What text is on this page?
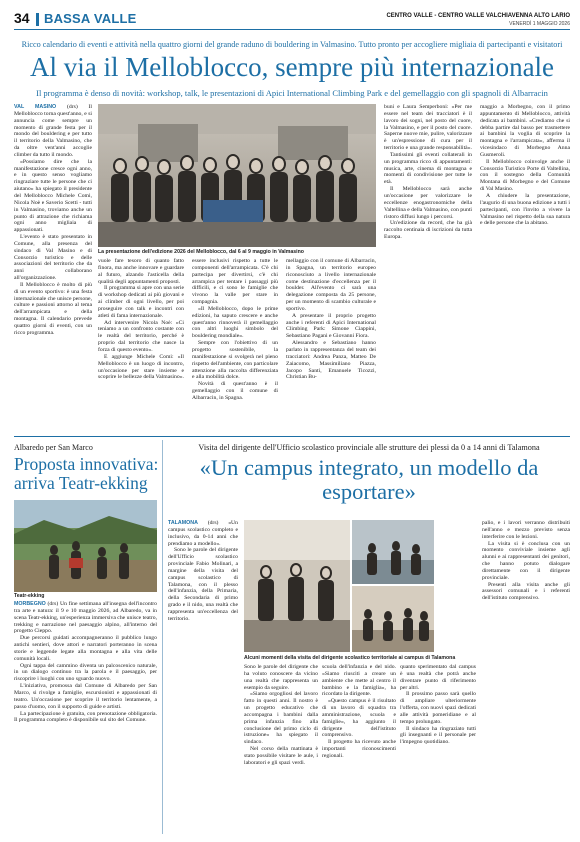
34 BASSA VALLE	CENTRO VALLE - CENTRO VALLE VALCHIAVENNA ALTO LARIO
VENERDÌ 1 MAGGIO 2026
Ricco calendario di eventi e attività nella quattro giorni del grande raduno di bouldering in Valmasino. Tutto pronto per accogliere migliaia di partecipanti e visitatori
Al via il Melloblocco, sempre più internazionale
Il programma è denso di novità: workshop, talk, le presentazioni di Apici International Climbing Park e del gemellaggio con gli spagnoli di Albarracin

VAL MASINO (drs) Il Melloblocco torna quest'anno, e si annuncia come sempre un momento di grande festa per il mondo del bouldering e per tutto il territorio della Valmasino, che da oltre vent'anni accoglie climber da tutto il mondo.

«Possiamo dire che la manifestazione cresce ogni anno, e in questo senso vogliamo ringraziare tutte le persone che ci aiutano» ha spiegato il presidente del Melloblocco Michele Comi, Nicola Noè e Saverio Scetti - tutti in Valmasino, troviamo anche un punto di attrazione che richiama ogni anno migliaia di appassionati.

L'evento è stato presentato in Comune, alla presenza del sindaco di Val Masino e di Consorzio turistico e delle associazioni del territorio che da anni collaborano all'organizzazione.

Il Melloblocco è molto di più di un evento sportivo: è una festa internazionale che unisce persone, culture e passioni attorno al tema dell'arrampicata e della montagna. Il calendario prevede quattro giorni di eventi, con un ricco programma.

La presentazione dell'edizione 2026 del Melloblocco, dal 6 al 9 maggio in Valmasino

vuole fare tesoro di quanto fatto finora, ma anche innovare e guardare al futuro, alzando l'asticella della qualità degli appuntamenti proposti.

Il programma si apre con una serie di workshop dedicati ai più giovani e ai climber di ogni livello, per poi proseguire con talk e incontri con atleti di fama internazionale.

Ad intervenire Nicola Noè: «Ci teniamo a un confronto costante con le realtà del territorio, perché è proprio dal territorio che nasce la forza di questo evento».

E aggiunge Michele Comi: «Il Melloblocco è un luogo di incontro, un'occasione per stare insieme e scoprire le bellezze della Valmasino».

essere inclusivi rispetto a tutte le componenti dell'arrampicata. C'è chi partecipa per divertirsi, c'è chi arrampica per tentare i passaggi più difficili, e ci sono le famiglie che vivono la valle per stare in compagnia.

«Il Melloblocco, dopo le prime edizioni, ha saputo crescere e anche quest'anno rinnoverà il gemellaggio con altri luoghi simbolo del bouldering mondiale».

Sempre con l'obiettivo di un progetto sostenibile, la manifestazione si svolgerà nel pieno rispetto dell'ambiente, con particolare attenzione alla raccolta differenziata e alla mobilità dolce.

Novità di quest'anno è il gemellaggio con il comune di Albarracin, in Spagna.

mellaggio con il comune di Albarracin, in Spagna, un territorio europeo riconosciuto a livello internazionale come destinazione d'eccellenza per il boulder. All'evento ci sarà una delegazione composta da 25 persone, per un momento di scambio culturale e sportivo.

A presentare il proprio progetto anche i referenti di Apici International Climbing Park: Simone Ciappini, Sebastiano Pagani e Giovanni Fiora.

Alessandro e Sebastiano hanno parlato in rappresentanza del team dei tracciatori: Andrea Panza, Matteo De Zaiacomo, Massimiliano Piazza, Jacopo Santi, Emanuele Ticozzi, Christian Bu-

buni e Laura Semperboni: «Per me essere nel team dei tracciatori è il lavoro dei sogni, nel posto del cuore, la Valmasino, e per il posto del cuore. Saperne nuove mie, pulire, valorizzare è un'espressione di cura per il territorio e una grande responsabilità».

Tantissimi gli eventi collaterali in un programma ricco di appuntamenti: musica, arte, cinema di montagna e momenti di condivisione per tutte le età.

Il Melloblocco sarà anche un'occasione per valorizzare le eccellenze enogastronomiche della Valtellina e della Valmasino, con punti ristoro diffusi lungo i percorsi.

Un'edizione da record, che ha già raccolto centinaia di iscrizioni da tutta Europa.

maggio a Morbegno, con il primo appuntamento di Melloblocco, attività dedicata ai bambini. «Crediamo che si debba partire dal basso per trasmettere ai bambini la voglia di scoprire la montagna e l'arrampicata», afferma il vicesindaco di Morbegno Anna Gusmeroli.

Il Melloblocco coinvolge anche il Consorzio Turistico Porte di Valtellina, con il sostegno della Comunità Montana di Morbegno e del Comune di Val Masino.

A chiudere la presentazione, l'augurio di una buona edizione a tutti i partecipanti, con l'invito a vivere la Valmasino nel rispetto della sua natura e delle persone che la abitano.

Albaredo per San Marco
Proposta innovativa: arriva Teatr-ekking
Teatr-ekking

MORBEGNO (drs) Un fine settimana all'insegna dell'incontro tra arte e natura: il 9 e 10 maggio 2026, ad Albaredo, va in scena Teatr-ekking, un'esperienza immersiva che unisce teatro, trekking e narrazione nel paesaggio alpino, all'interno del progetto Cieppo.

Due percorsi guidati accompagneranno il pubblico lungo antichi sentieri, dove attori e narratori porteranno in scena storie e leggende legate alla montagna e alla vita delle comunità locali.

Ogni tappa del cammino diventa un palcoscenico naturale, in un dialogo continuo tra la parola e il paesaggio, per riscoprire i luoghi con uno sguardo nuovo.

L'iniziativa, promossa dal Comune di Albaredo per San Marco, si rivolge a famiglie, escursionisti e appassionati di teatro. Un'occasione per scoprire il territorio lentamente, a passo d'uomo, con il supporto di guide e artisti.

La partecipazione è gratuita, con prenotazione obbligatoria. Il programma completo è disponibile sul sito del Comune.

Visita del dirigente dell'Ufficio scolastico provinciale alle strutture dei plessi da 0 a 14 anni di Talamona
«Un campus integrato, un modello da esportare»

TALAMONA (drs) «Un campus scolastico completo e inclusivo, da 0-14 anni che prendiamo a modello».

Sono le parole del dirigente dell'Ufficio scolastico provinciale Fabio Molinari, a margine della visita del campus scolastico di Talamona, con il plesso dell'infanzia, della Primaria, della Secondaria di primo grado e il nido, una realtà che rappresenta un'eccellenza del territorio.

Alcuni momenti della visita del dirigente scolastico territoriale ai campus di Talamona

Sono le parole del dirigente che ha voluto conoscere da vicino una realtà che rappresenta un esempio da seguire.

«Siamo orgogliosi del lavoro fatto in questi anni. Il nostro è un progetto educativo che accompagna i bambini dalla prima infanzia fino alla conclusione del primo ciclo di istruzione» ha spiegato il sindaco.

Nel corso della mattinata è stato possibile visitare le aule, i laboratori e gli spazi verdi.

scuola dell'infanzia e del nido. «Siamo riusciti a creare un ambiente che mette al centro il bambino e la famiglia», ha ricordato la dirigente.

«Questo campus è il risultato di un lavoro di squadra tra amministrazione, scuola e famiglie», ha aggiunto il dirigente dell'istituto comprensivo.

Il progetto ha ricevuto anche importanti riconoscimenti regionali.

quanto sperimentato dal campus è una realtà che potrà anche diventare punto di riferimento per altri.

Il prossimo passo sarà quello di ampliare ulteriormente l'offerta, con nuovi spazi dedicati alle attività pomeridiane e al tempo prolungato.

Il sindaco ha ringraziato tutti gli insegnanti e il personale per l'impegno quotidiano.

palio, e i lavori verranno distribuiti nell'anno e mezzo previsto senza interferire con le lezioni.

La visita si è conclusa con un momento conviviale insieme agli alunni e ai rappresentanti dei genitori, che hanno potuto dialogare direttamente con il dirigente provinciale.

Presenti alla visita anche gli assessori comunali e i referenti dell'istituto comprensivo.
